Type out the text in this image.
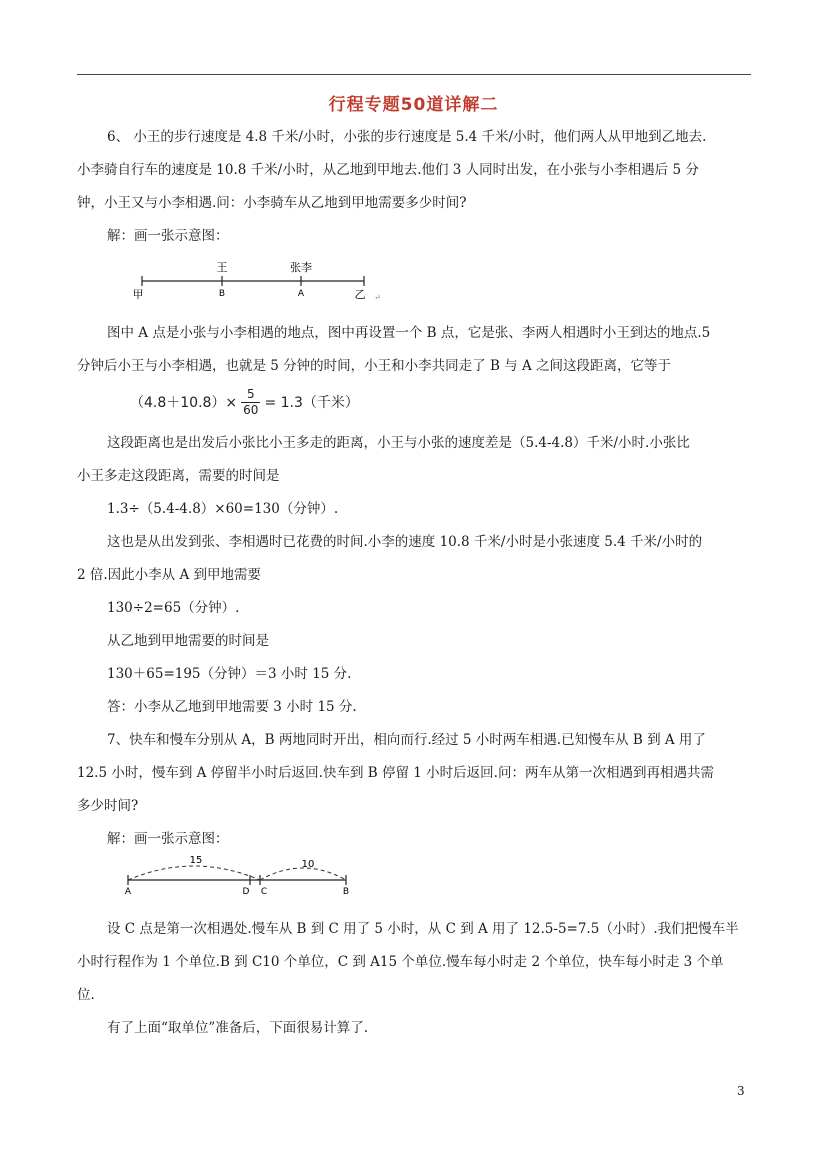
行程专题50道详解二
6、 小王的步行速度是 4.8 千米/小时，小张的步行速度是 5.4 千米/小时，他们两人从甲地到乙地去.
小李骑自行车的速度是 10.8 千米/小时，从乙地到甲地去.他们 3 人同时出发，在小张与小李相遇后 5 分
钟，小王又与小李相遇.问：小李骑车从乙地到甲地需要多少时间?
解：画一张示意图：
王	张李
甲	B	A	乙 ↵
图中 A 点是小张与小李相遇的地点，图中再设置一个 B 点，它是张、李两人相遇时小王到达的地点.5
分钟后小王与小李相遇，也就是 5 分钟的时间，小王和小李共同走了 B 与 A 之间这段距离，它等于
$(4.8+10.8)\times \frac{5}{60} = 1.3$（千米）
这段距离也是出发后小张比小王多走的距离，小王与小张的速度差是（5.4-4.8）千米/小时.小张比
小王多走这段距离，需要的时间是
1.3÷（5.4-4.8）×60=130（分钟）.
这也是从出发到张、李相遇时已花费的时间.小李的速度 10.8 千米/小时是小张速度 5.4 千米/小时的
2 倍.因此小李从 A 到甲地需要
130÷2=65（分钟）.
从乙地到甲地需要的时间是
130＋65=195（分钟）＝3 小时 15 分.
答：小李从乙地到甲地需要 3 小时 15 分.
7、快车和慢车分别从 A，B 两地同时开出，相向而行.经过 5 小时两车相遇.已知慢车从 B 到 A 用了
12.5 小时，慢车到 A 停留半小时后返回.快车到 B 停留 1 小时后返回.问：两车从第一次相遇到再相遇共需
多少时间?
解：画一张示意图：
15	10
A	D C	B
设 C 点是第一次相遇处.慢车从 B 到 C 用了 5 小时，从 C 到 A 用了 12.5-5=7.5（小时）.我们把慢车半
小时行程作为 1 个单位.B 到 C10 个单位，C 到 A15 个单位.慢车每小时走 2 个单位，快车每小时走 3 个单
位.
有了上面“取单位”准备后，下面很易计算了.
3
